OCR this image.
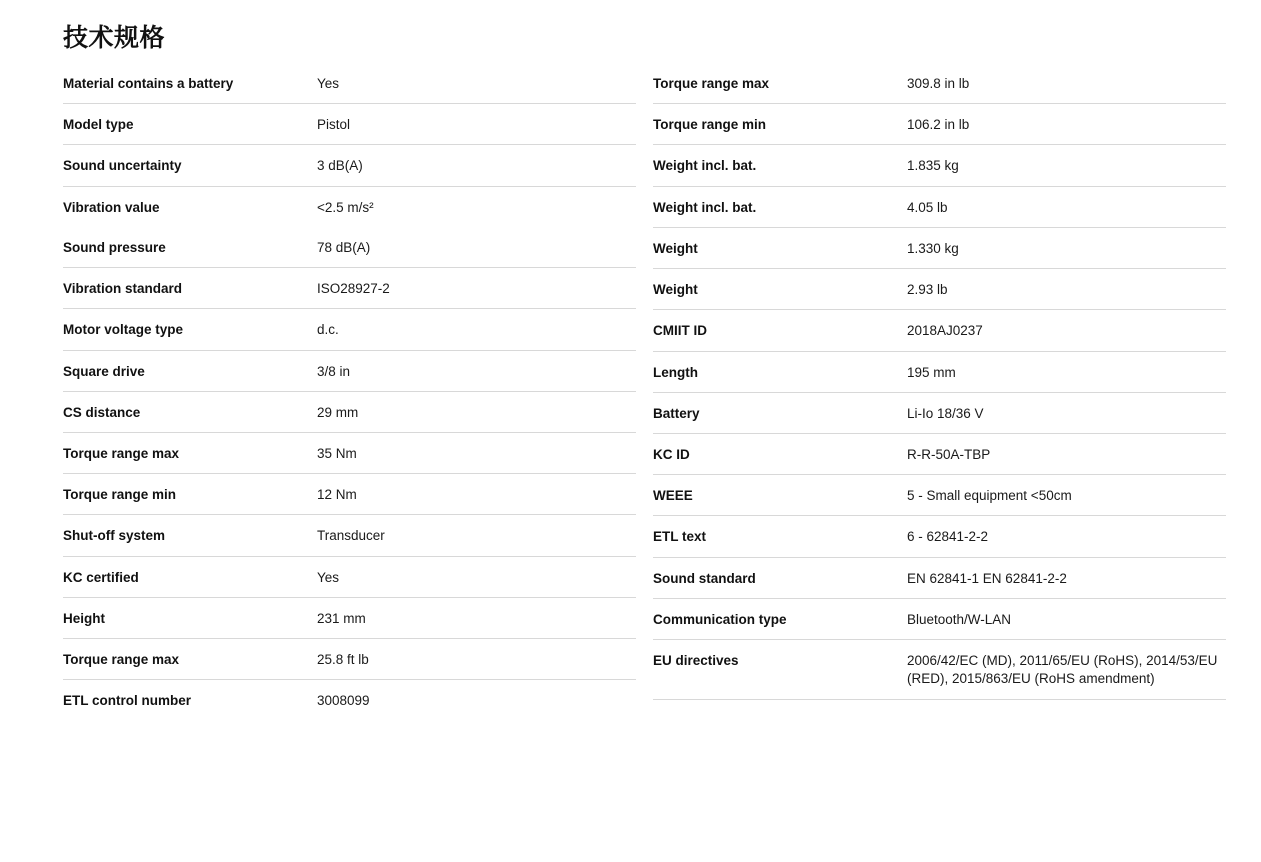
技术规格
Material contains a battery	Yes
Model type	Pistol
Sound uncertainty	3 dB(A)
Vibration value	<2.5 m/s²
Sound pressure	78 dB(A)
Vibration standard	ISO28927-2
Motor voltage type	d.c.
Square drive	3/8 in
CS distance	29 mm
Torque range max	35 Nm
Torque range min	12 Nm
Shut-off system	Transducer
KC certified	Yes
Height	231 mm
Torque range max	25.8 ft lb
ETL control number	3008099
Torque range max	309.8 in lb
Torque range min	106.2 in lb
Weight incl. bat.	1.835 kg
Weight incl. bat.	4.05 lb
Weight	1.330 kg
Weight	2.93 lb
CMIIT ID	2018AJ0237
Length	195 mm
Battery	Li-Io 18/36 V
KC ID	R-R-50A-TBP
WEEE	5 - Small equipment <50cm
ETL text	6 - 62841-2-2
Sound standard	EN 62841-1 EN 62841-2-2
Communication type	Bluetooth/W-LAN
EU directives	2006/42/EC (MD), 2011/65/EU (RoHS), 2014/53/EU (RED), 2015/863/EU (RoHS amendment)
